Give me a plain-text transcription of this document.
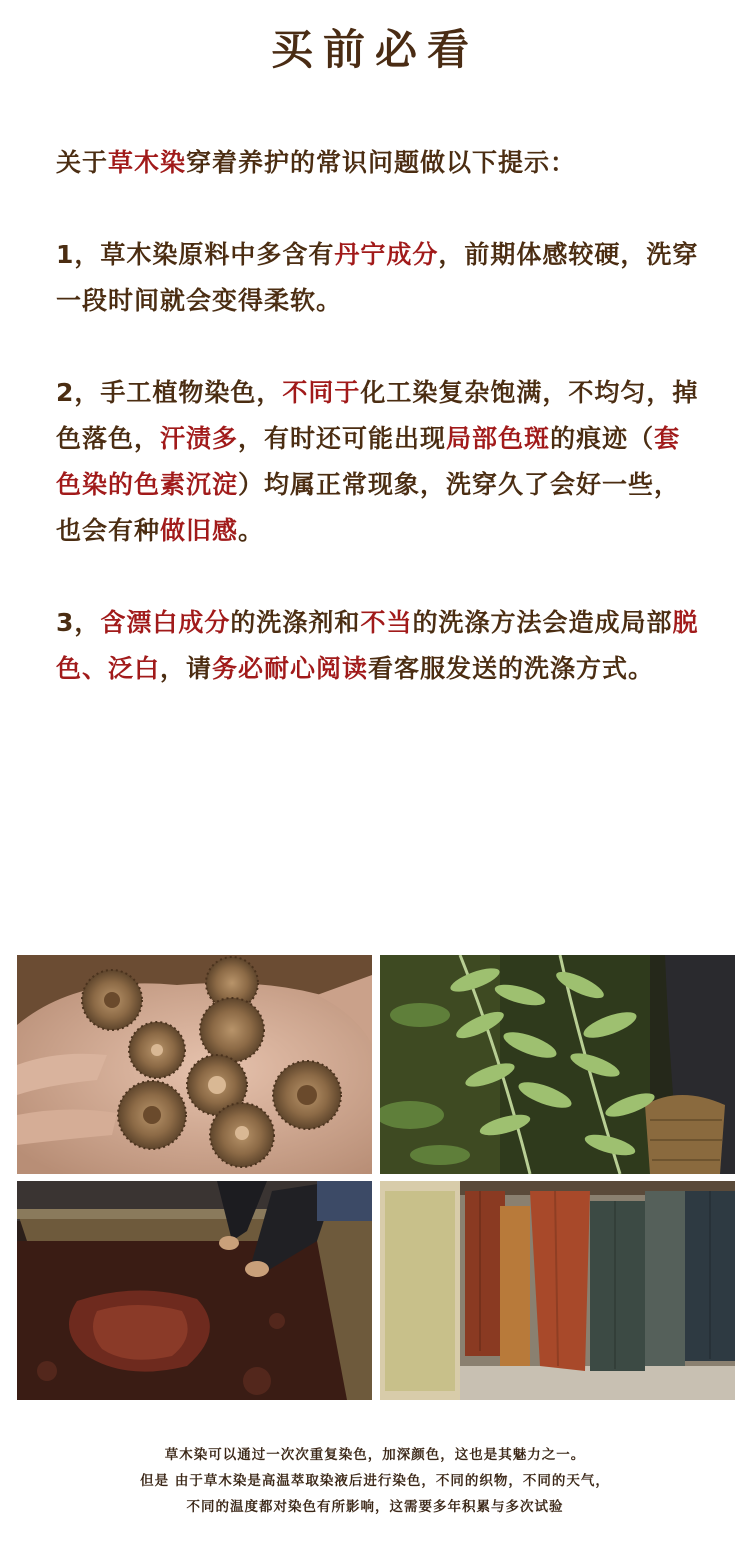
买前必看

关于草木染穿着养护的常识问题做以下提示：

1，草木染原料中多含有丹宁成分，前期体感较硬，洗穿一段时间就会变得柔软。

2，手工植物染色，不同于化工染复杂饱满，不均匀，掉色落色，汗渍多，有时还可能出现局部色斑的痕迹（套色染的色素沉淀）均属正常现象，洗穿久了会好一些，也会有种做旧感。

3，含漂白成分的洗涤剂和不当的洗涤方法会造成局部脱色、泛白，请务必耐心阅读看客服发送的洗涤方式。

草木染可以通过一次次重复染色，加深颜色，这也是其魅力之一。
但是 由于草木染是高温萃取染液后进行染色，不同的织物，不同的天气，
不同的温度都对染色有所影响，这需要多年积累与多次试验
